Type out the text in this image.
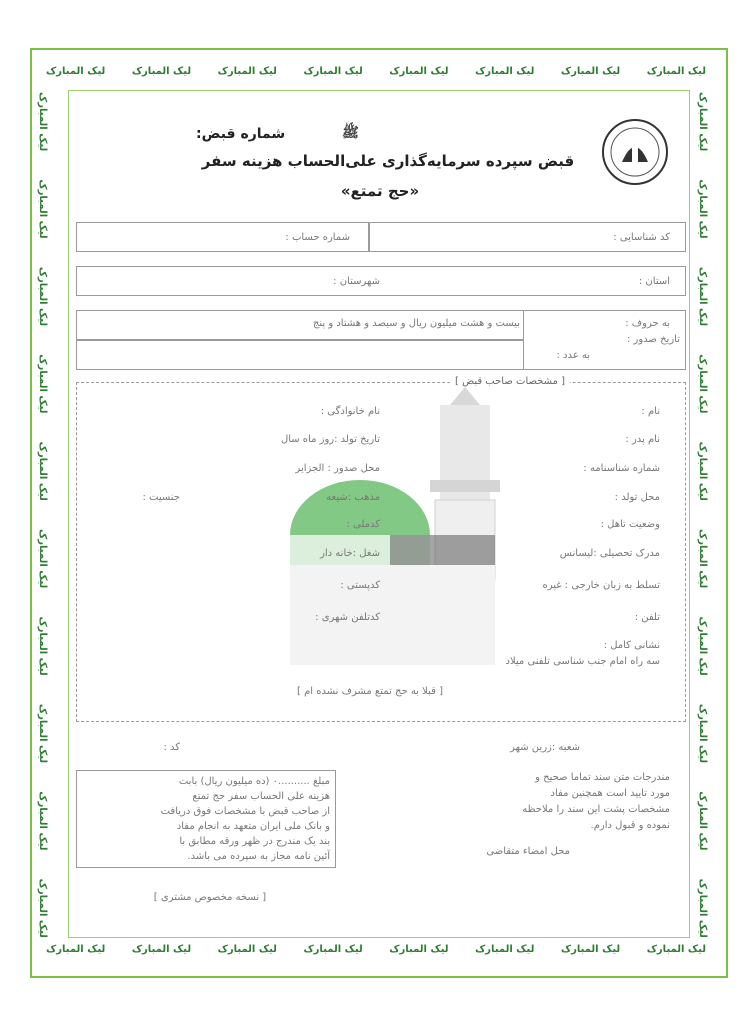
لیک المبارک	لیک المبارک	لیک المبارک	لیک المبارک	لیک المبارک	لیک المبارک	لیک المبارک	لیک المبارک
لیک المبارک	لیک المبارک	لیک المبارک	لیک المبارک	لیک المبارک	لیک المبارک	لیک المبارک	لیک المبارک
لیک المبارک
لیک المبارک
لیک المبارک
لیک المبارک
لیک المبارک
لیک المبارک
لیک المبارک
لیک المبارک
لیک المبارک
لیک المبارک
لیک المبارک
لیک المبارک
لیک المبارک
لیک المبارک
لیک المبارک
لیک المبارک
لیک المبارک
لیک المبارک
لیک المبارک
لیک المبارک
ﷺ
شماره قبض:
قبض سپرده سرمایه‌گذاری علی‌الحساب هزینه سفر
«حج تمتع»
کد شناسایی :
شماره حساب :
استان :
شهرستان :
به حروف :
تاریخ صدور :
بیست و هشت میلیون ریال و سیصد و هشتاد و پنج
به عدد :
[ مشخصات صاحب قبض ]
نام :
نام خانوادگی :
نام پدر :
تاریخ تولد :روز ماه سال
شماره شناسنامه :
محل صدور : الجزایر
محل تولد :
مذهب :شیعه
جنسیت :
وضعیت تاهل :
کدملی :
مدرک تحصیلی :لیسانس
شغل :خانه دار
تسلط به زبان خارجی : غیره
کدپستی :
تلفن :
کدتلفن شهری :
نشانی کامل :
سه راه امام جنب شناسی تلفنی میلاد
[ قبلا به حج تمتع مشرف نشده ام ]
شعبه :زرین شهر
کد :
مندرجات متن سند تماما صحیح و
مورد تایید است همچنین مفاد
مشخصات پشت این سند را ملاحظه
نموده و قبول دارم.
محل امضاء متقاضی
مبلغ ..........۰ (ده میلیون ریال) بابت
هزینه علی الحساب سفر حج تمتع
از صاحب قبض با مشخصات فوق دریافت
و بانک ملی ایران متعهد به انجام مفاد
بند یک مندرج در ظهر ورقه مطابق با
آئین نامه مجاز به سپرده می باشد.
[ نسخه مخصوص مشتری ]
